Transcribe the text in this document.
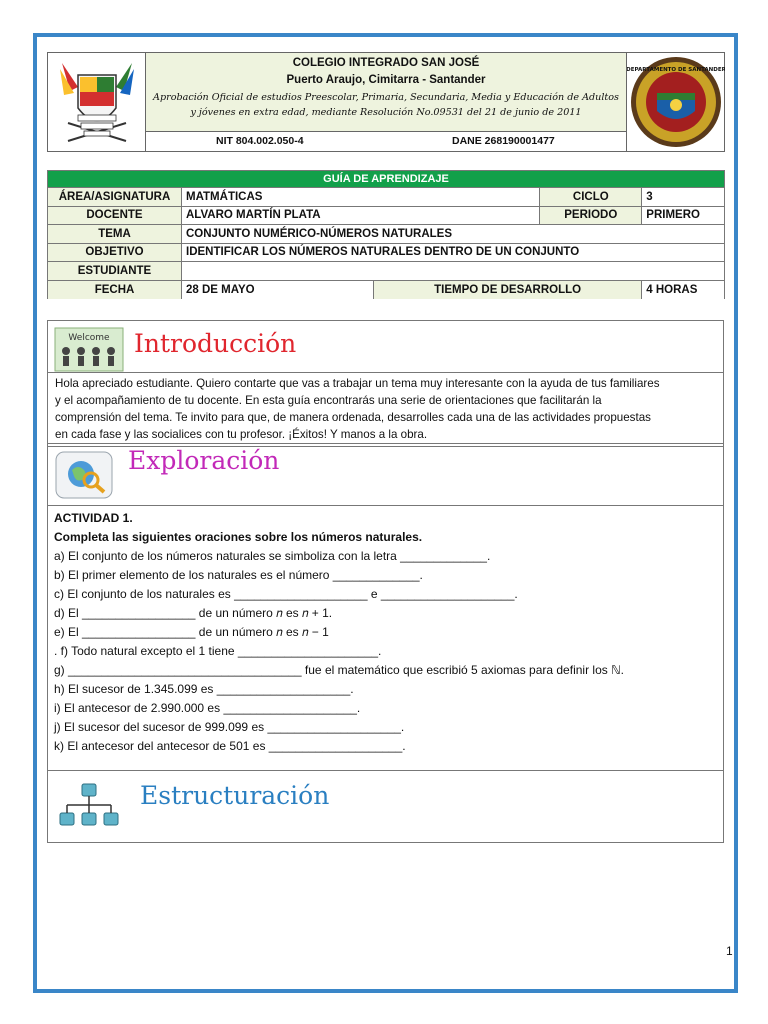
COLEGIO INTEGRADO SAN JOSÉ
Puerto Araujo, Cimitarra - Santander
Aprobación Oficial de estudios Preescolar, Primaria, Secundaria, Media y Educación de Adultos y jóvenes en extra edad, mediante Resolución No.09531 del 21 de junio de 2011
NIT 804.002.050-4	DANE 268190001477
DEPARTAMENTO DE SANTANDER
GUÍA DE APRENDIZAJE				
ÁREA/ASIGNATURA	MATMÁTICAS		CICLO	3
DOCENTE	ALVARO MARTÍN PLATA		PERIODO	PRIMERO
TEMA	CONJUNTO NUMÉRICO-NÚMEROS NATURALES			
OBJETIVO	IDENTIFICAR LOS NÚMEROS NATURALES DENTRO DE UN CONJUNTO			
ESTUDIANTE				
FECHA	28 DE MAYO	TIEMPO DE DESARROLLO		4 HORAS
Welcome Introducción
Hola apreciado estudiante. Quiero contarte que vas a trabajar un tema muy interesante con la ayuda de tus familiares
y el acompañamiento de tu docente. En esta guía encontrarás una serie de orientaciones que facilitarán la
comprensión del tema. Te invito para que, de manera ordenada, desarrolles cada una de las actividades propuestas
en cada fase y las socialices con tu profesor. ¡Éxitos! Y manos a la obra.
Exploración
ACTIVIDAD 1.
Completa las siguientes oraciones sobre los números naturales.
a) El conjunto de los números naturales se simboliza con la letra _____________.
b) El primer elemento de los naturales es el número _____________.
c) El conjunto de los naturales es ____________________ e ____________________.
d) El _________________ de un número 𝑛 es 𝑛 + 1.
e) El _________________ de un número 𝑛 es 𝑛 − 1
. f) Todo natural excepto el 1 tiene _____________________.
g) ___________________________________ fue el matemático que escribió 5 axiomas para definir los ℕ.
h) El sucesor de 1.345.099 es ____________________.
i) El antecesor de 2.990.000 es ____________________.
j) El sucesor del sucesor de 999.099 es ____________________.
k) El antecesor del antecesor de 501 es ____________________.
Estructuración
1
